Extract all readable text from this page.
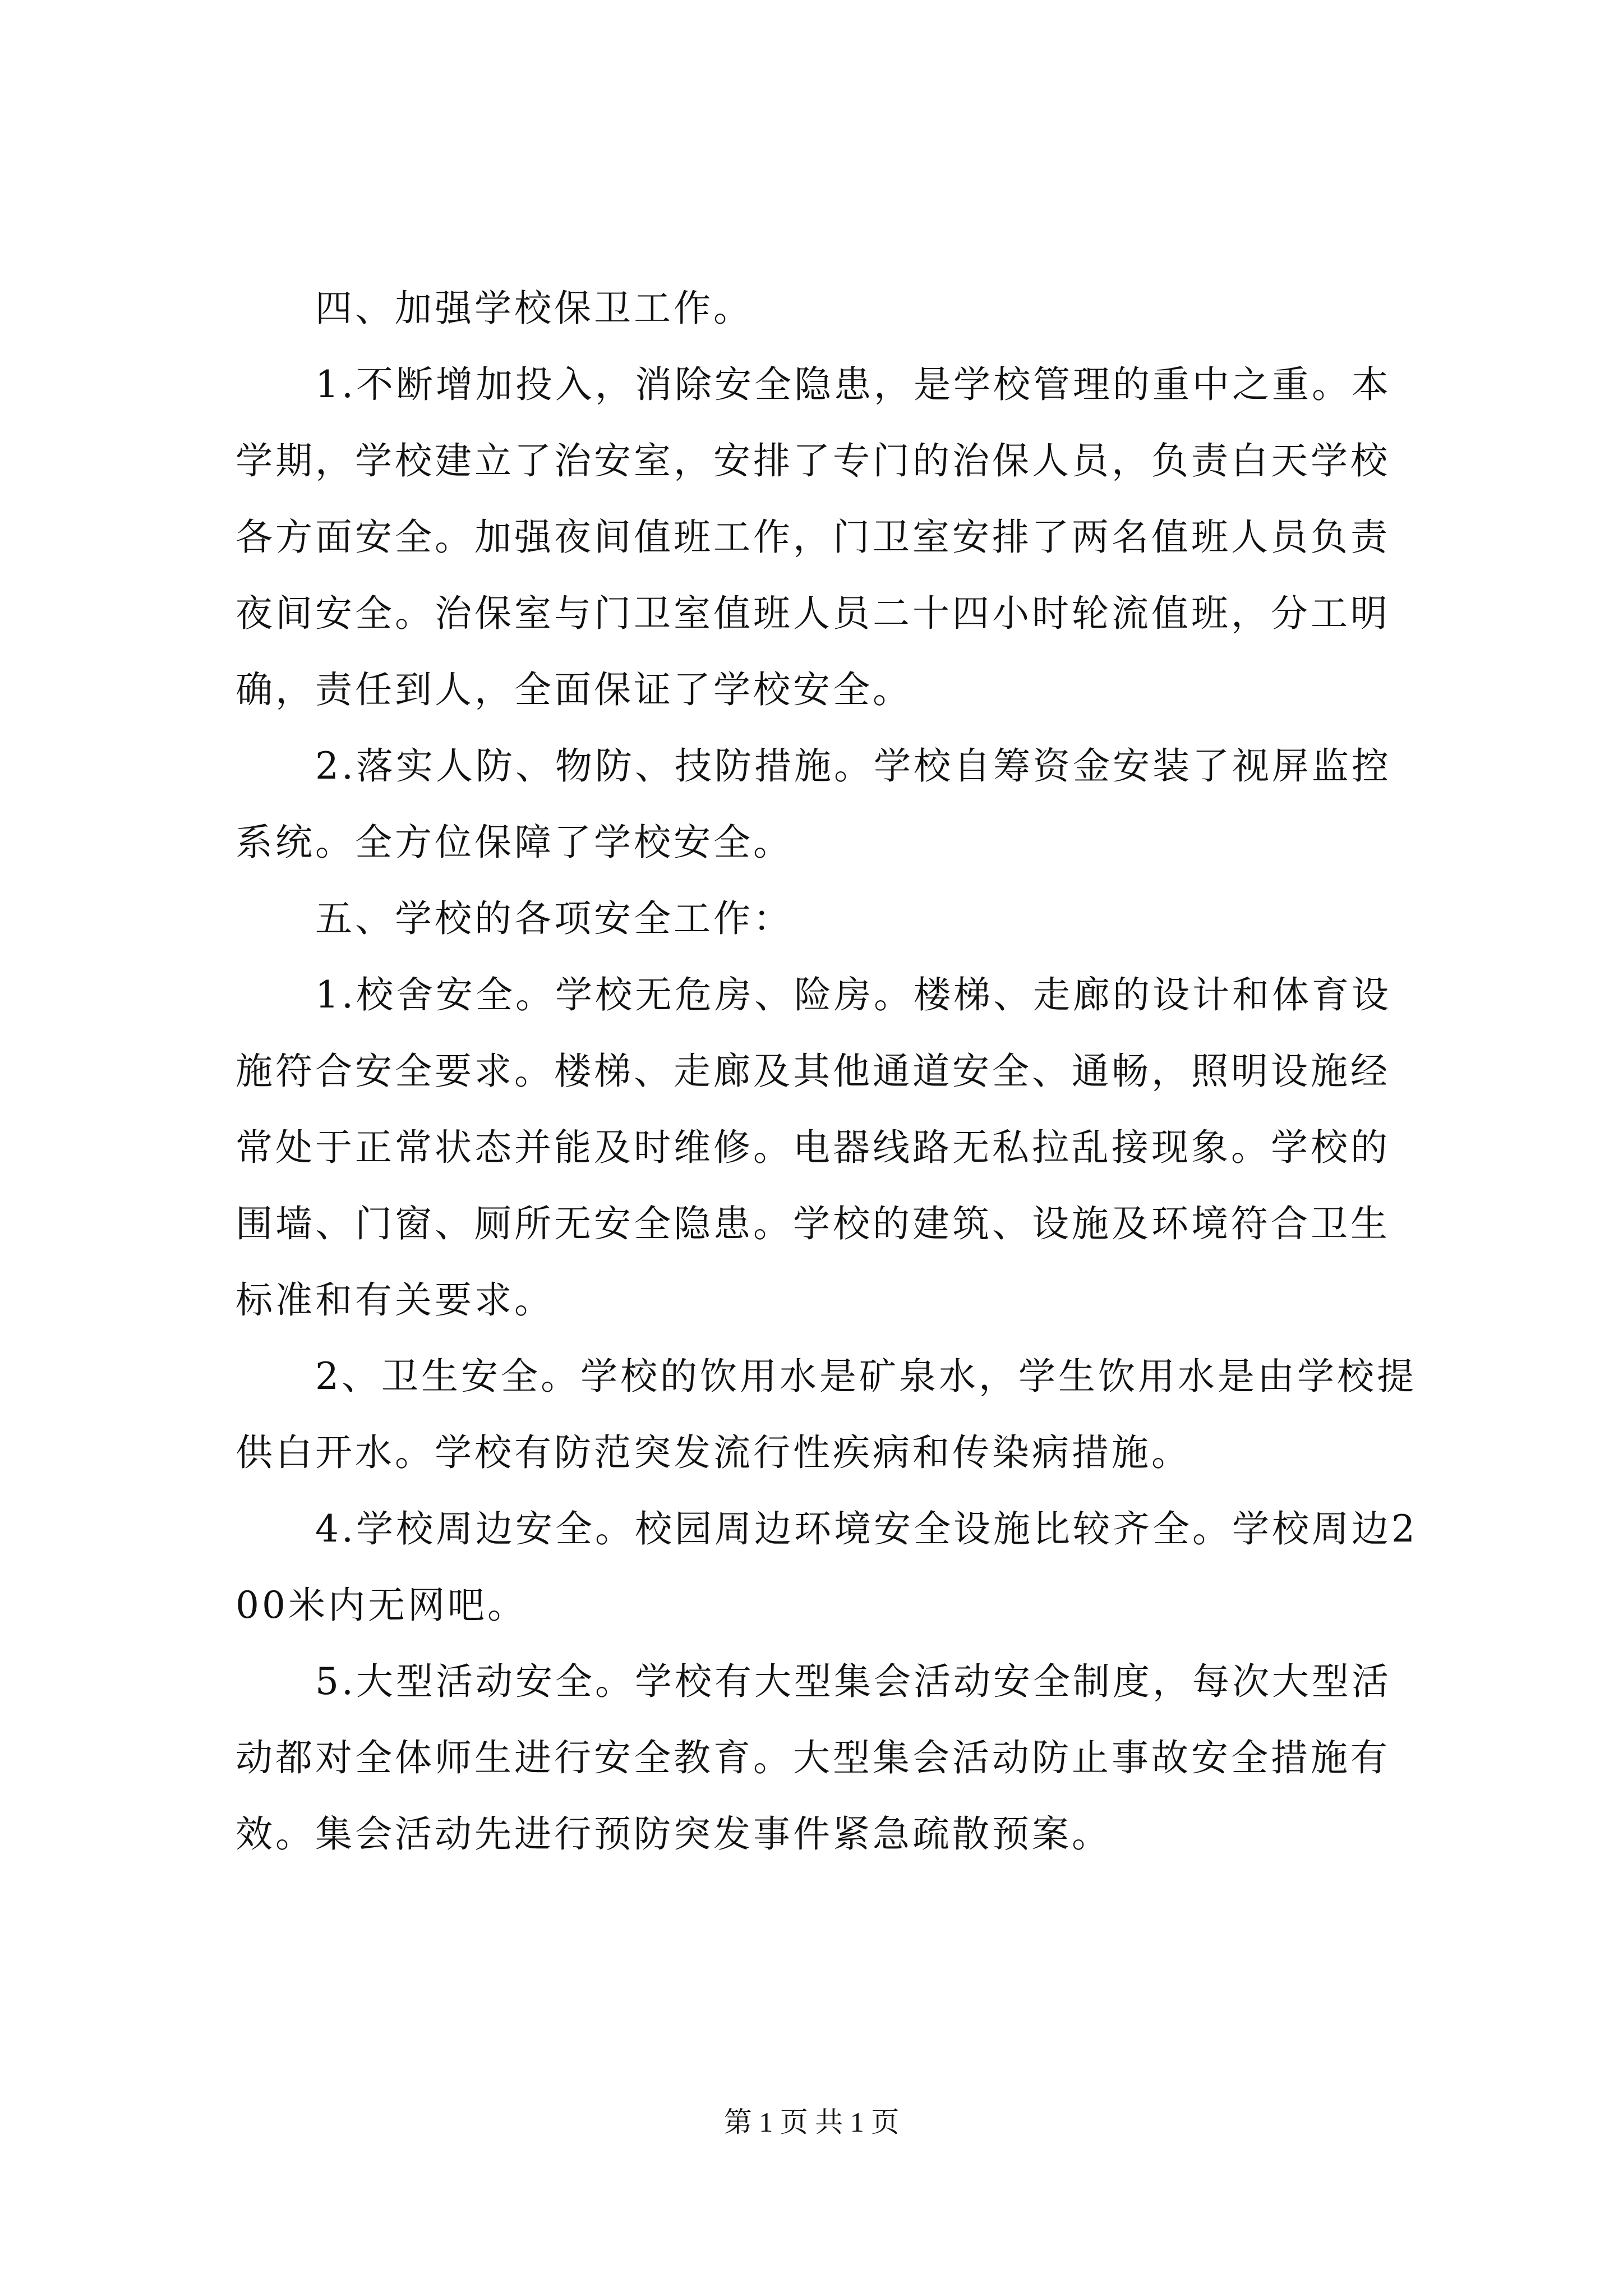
四、加强学校保卫工作。

1.不断增加投入，消除安全隐患，是学校管理的重中之重。本学期，学校建立了治安室，安排了专门的治保人员，负责白天学校各方面安全。加强夜间值班工作，门卫室安排了两名值班人员负责夜间安全。治保室与门卫室值班人员二十四小时轮流值班，分工明确，责任到人，全面保证了学校安全。

2.落实人防、物防、技防措施。学校自筹资金安装了视屏监控系统。全方位保障了学校安全。

五、学校的各项安全工作：

1.校舍安全。学校无危房、险房。楼梯、走廊的设计和体育设施符合安全要求。楼梯、走廊及其他通道安全、通畅，照明设施经常处于正常状态并能及时维修。电器线路无私拉乱接现象。学校的围墙、门窗、厕所无安全隐患。学校的建筑、设施及环境符合卫生标准和有关要求。

2、卫生安全。学校的饮用水是矿泉水，学生饮用水是由学校提供白开水。学校有防范突发流行性疾病和传染病措施。

4.学校周边安全。校园周边环境安全设施比较齐全。学校周边200米内无网吧。

5.大型活动安全。学校有大型集会活动安全制度，每次大型活动都对全体师生进行安全教育。大型集会活动防止事故安全措施有效。集会活动先进行预防突发事件紧急疏散预案。

第 1 页 共 1 页
